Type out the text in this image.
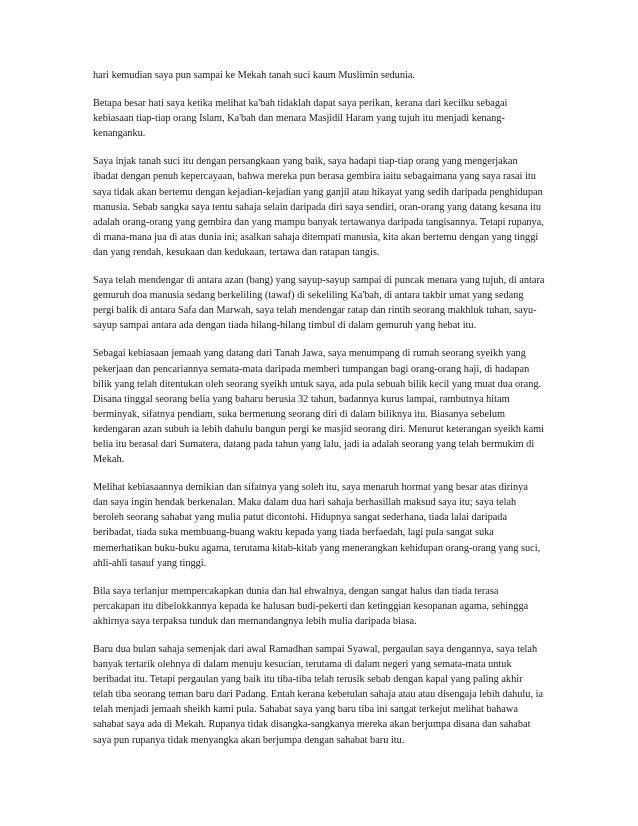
hari kemudian saya pun sampai ke Mekah tanah suci kaum Muslimin sedunia.

Betapa besar hati saya ketika melihat ka'bah tidaklah dapat saya perikan, kerana dari kecilku sebagai kebiasaan tiap-tiap orang Islam, Ka'bah dan menara Masjidil Haram yang tujuh itu menjadi kenang-kenanganku.

Saya injak tanah suci itu dengan persangkaan yang baik, saya hadapi tiap-tiap orang yang mengerjakan ibadat dengan penuh kepercayaan, bahwa mereka pun berasa gembira iaitu sebagaimana yang saya rasai itu saya tidak akan bertemu dengan kejadian-kejadian yang ganjil atau hikayat yang sedih daripada penghidupan manusia. Sebab sangka saya tentu sahaja selain daripada diri saya sendiri, oran-orang yang datang kesana itu adalah orang-orang yang gembira dan yang mampu banyak tertawanya daripada tangisannya. Tetapi rupanya, di mana-mana jua di atas dunia ini; asalkan sahaja ditempati manusia, kita akan bertemu dengan yang tinggi dan yang rendah, kesukaan dan kedukaan, tertawa dan ratapan tangis.

Saya telah mendengar di antara azan (bang) yang sayup-sayup sampai di puncak menara yang tujuh, di antara gemuruh doa manusia sedang berkeliling (tawaf) di sekeliling Ka'bah, di antara takbir umat yang sedang pergi balik di antara Safa dan Marwah, saya telah mendengar ratap dan rintih seorang makhluk tuhan, sayu-sayup sampai antara ada dengan tiada hilang-hilang timbul di dalam gemuruh yang hebat itu.

Sebagai kebiasaan jemaah yang datang dari Tanah Jawa, saya menumpang di rumah seorang syeikh yang pekerjaan dan pencariannya semata-mata daripada memberi tumpangan bagi orang-orang haji, di hadapan bilik yang telah ditentukan oleh seorang syeikh untuk saya, ada pula sebuah bilik kecil yang muat dua orang. Disana tinggal seorang belia yang baharu berusia 32 tahun, badannya kurus lampai, rambutnya hitam berminyak, sifatnya pendiam, suka bermenung seorang diri di dalam biliknya itu. Biasanya sebelum kedengaran azan subuh ia lebih dahulu bangun pergi ke masjid seorang diri. Menurut keterangan syeikh kami belia itu berasal dari Sumatera, datang pada tahun yang lalu, jadi ia adalah seorang yang telah bermukim di Mekah.

Melihat kebiasaannya demikian dan sifatnya yang soleh itu, saya menaruh hormat yang besar atas dirinya dan saya ingin hendak berkenalan. Maka dalam dua hari sahaja berhasillah maksud saya itu; saya telah beroleh seorang sahabat yang mulia patut dicontohi. Hidupnya sangat sederhana, tiada lalai daripada beribadat, tiada suka membuang-buang waktu kepada yang tiada berfaedah, lagi pula sangat suka memerhatikan buku-buku agama, terutama kitab-kitab yang menerangkan kehidupan orang-orang yang suci, ahli-ahli tasauf yang tinggi.

Bila saya terlanjur mempercakapkan dunia dan hal ehwalnya, dengan sangat halus dan tiada terasa percakapan itu dibelokkannya kepada ke halusan budi-pekerti dan ketinggian kesopanan agama, sehingga akhirnya saya terpaksa tunduk dan memandangnya lebih mulia daripada biasa.

Baru dua bulan sahaja semenjak dari awal Ramadhan sampai Syawal, pergaulan saya dengannya, saya telah banyak tertarik olehnya di dalam menuju kesucian, terutama di dalam negeri yang semata-mata untuk beribadat itu. Tetapi pergaulan yang baik itu tiba-tiba telah terusik sebab dengan kapal yang paling akhir telah tiba seorang teman baru dari Padang. Entah kerana kebetulan sahaja atau atau disengaja lebih dahulu, ia telah menjadi jemaah sheikh kami pula. Sahabat saya yang baru tiba ini sangat terkejut melihat bahawa sahabat saya ada di Mekah. Rupanya tidak disangka-sangkanya mereka akan berjumpa disana dan sahabat saya pun rupanya tidak menyangka akan berjumpa dengan sahabat baru itu.
